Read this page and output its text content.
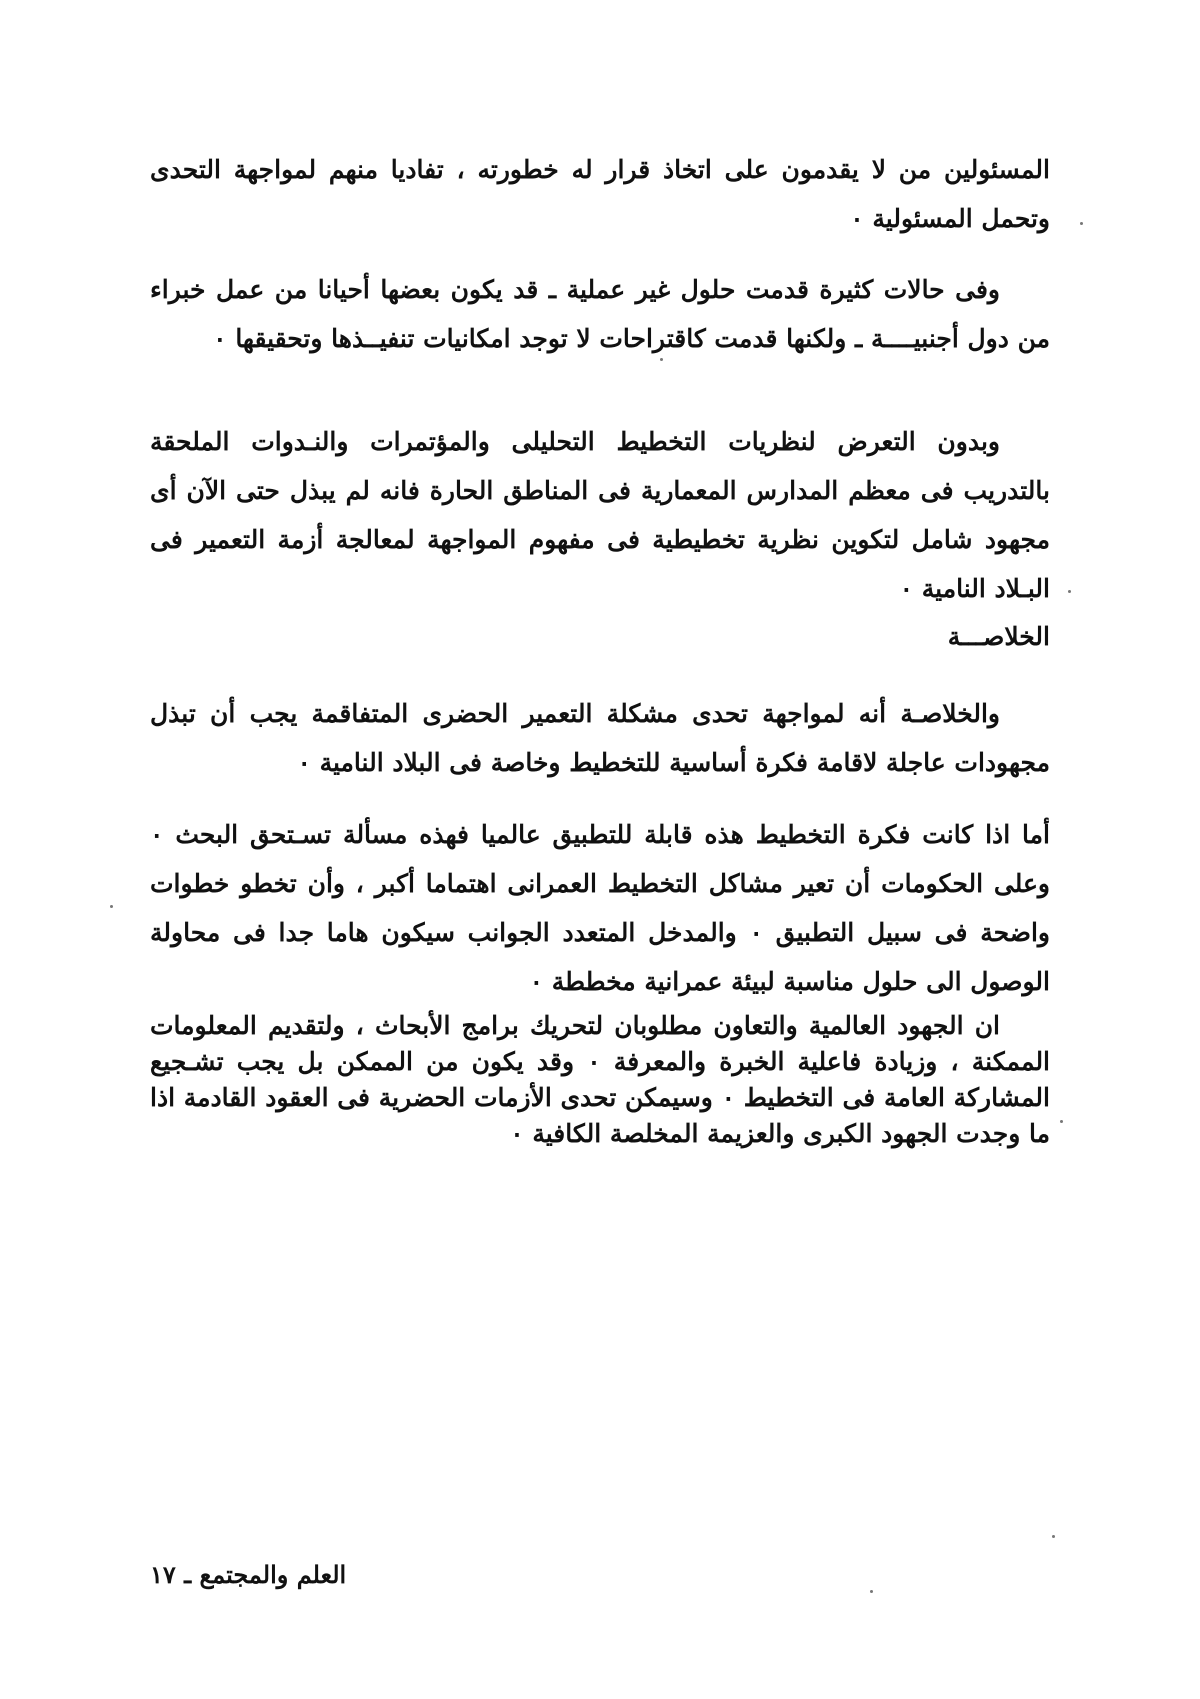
المسئولين من لا يقدمون على اتخاذ قرار له خطورته ، تفاديا منهم لمواجهة التحدى وتحمل المسئولية ٠

وفى حالات كثيرة قدمت حلول غير عملية ـ قد يكون بعضها أحيانا من عمل خبراء من دول أجنبيــــة ـ ولكنها قدمت كاقتراحات لا توجد امكانيات تنفيــذها وتحقيقها ٠

وبدون التعرض لنظريات التخطيط التحليلى والمؤتمرات والنـدوات الملحقة بالتدريب فى معظم المدارس المعمارية فى المناطق الحارة فانه لم يبذل حتى الآن أى مجهود شامل لتكوين نظرية تخطيطية فى مفهوم المواجهة لمعالجة أزمة التعمير فى البـلاد النامية ٠

الخلاصـــة

والخلاصـة أنه لمواجهة تحدى مشكلة التعمير الحضرى المتفاقمة يجب أن تبذل مجهودات عاجلة لاقامة فكرة أساسية للتخطيط وخاصة فى البلاد النامية ٠

أما اذا كانت فكرة التخطيط هذه قابلة للتطبيق عالميا فهذه مسألة تسـتحق البحث ٠ وعلى الحكومات أن تعير مشاكل التخطيط العمرانى اهتماما أكبر ، وأن تخطو خطوات واضحة فى سبيل التطبيق ٠ والمدخل المتعدد الجوانب سيكون هاما جدا فى محاولة الوصول الى حلول مناسبة لبيئة عمرانية مخططة ٠

ان الجهود العالمية والتعاون مطلوبان لتحريك برامج الأبحاث ، ولتقديم المعلومات الممكنة ، وزيادة فاعلية الخبرة والمعرفة ٠ وقد يكون من الممكن بل يجب تشـجيع المشاركة العامة فى التخطيط ٠ وسيمكن تحدى الأزمات الحضرية فى العقود القادمة اذا ما وجدت الجهود الكبرى والعزيمة المخلصة الكافية ٠

العلم والمجتمع ـ ١٧
